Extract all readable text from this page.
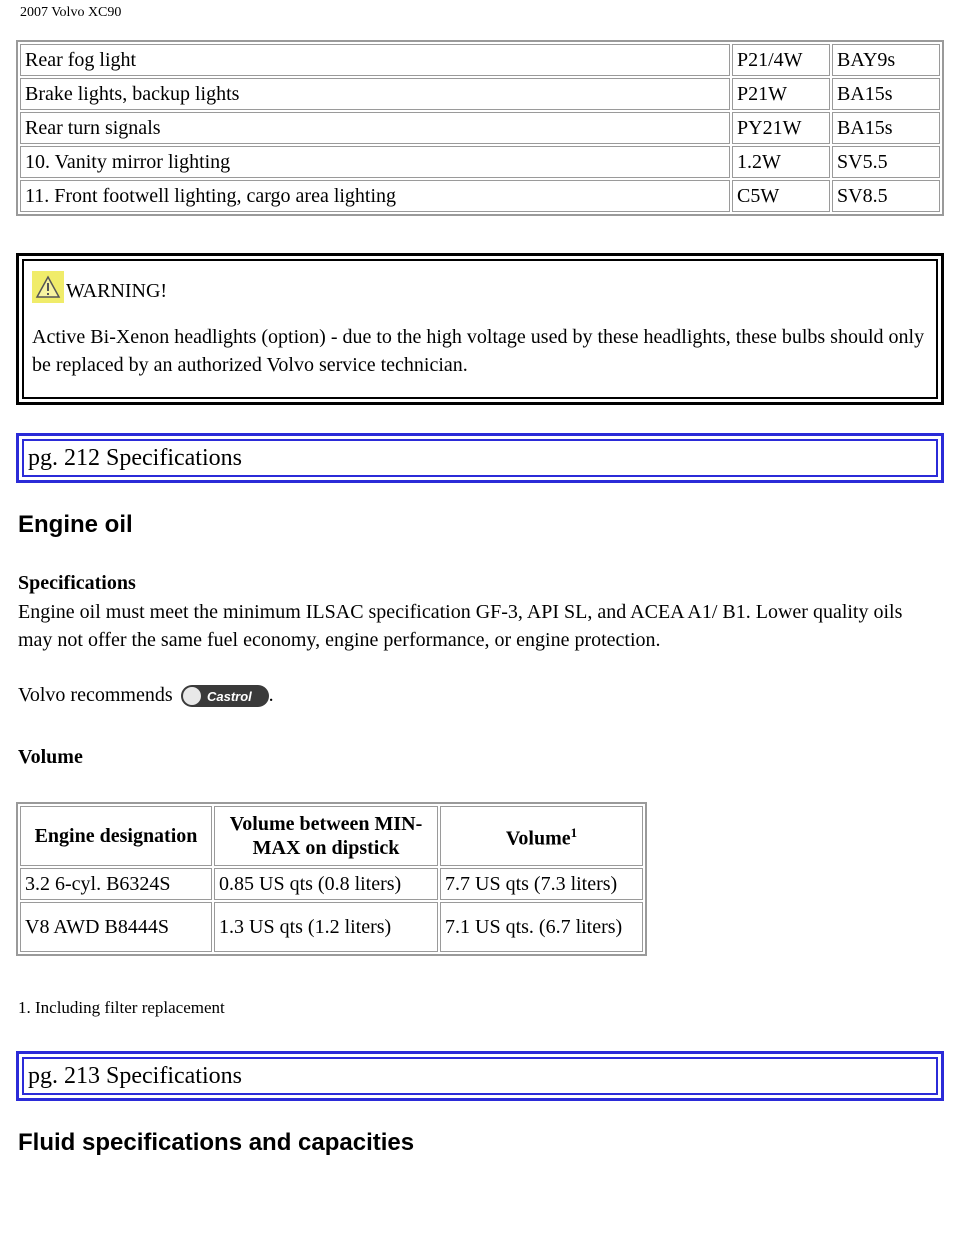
2007 Volvo XC90
Rear fog light	P21/4W	BAY9s
Brake lights, backup lights	P21W	BA15s
Rear turn signals	PY21W	BA15s
10. Vanity mirror lighting	1.2W	SV5.5
11. Front footwell lighting, cargo area lighting	C5W	SV8.5
WARNING!
Active Bi-Xenon headlights (option) - due to the high voltage used by these headlights, these bulbs should only be replaced by an authorized Volvo service technician.
pg. 212 Specifications
Engine oil
Specifications
Engine oil must meet the minimum ILSAC specification GF-3, API SL, and ACEA A1/ B1. Lower quality oils may not offer the same fuel economy, engine performance, or engine protection.
Volvo recommends	Castrol .
Volume
Engine designation	Volume between MIN-MAX on dipstick	Volume$^1$
3.2 6-cyl. B6324S	0.85 US qts (0.8 liters)	7.7 US qts (7.3 liters)
V8 AWD B8444S	1.3 US qts (1.2 liters)	7.1 US qts. (6.7 liters)
1. Including filter replacement
pg. 213 Specifications
Fluid specifications and capacities
